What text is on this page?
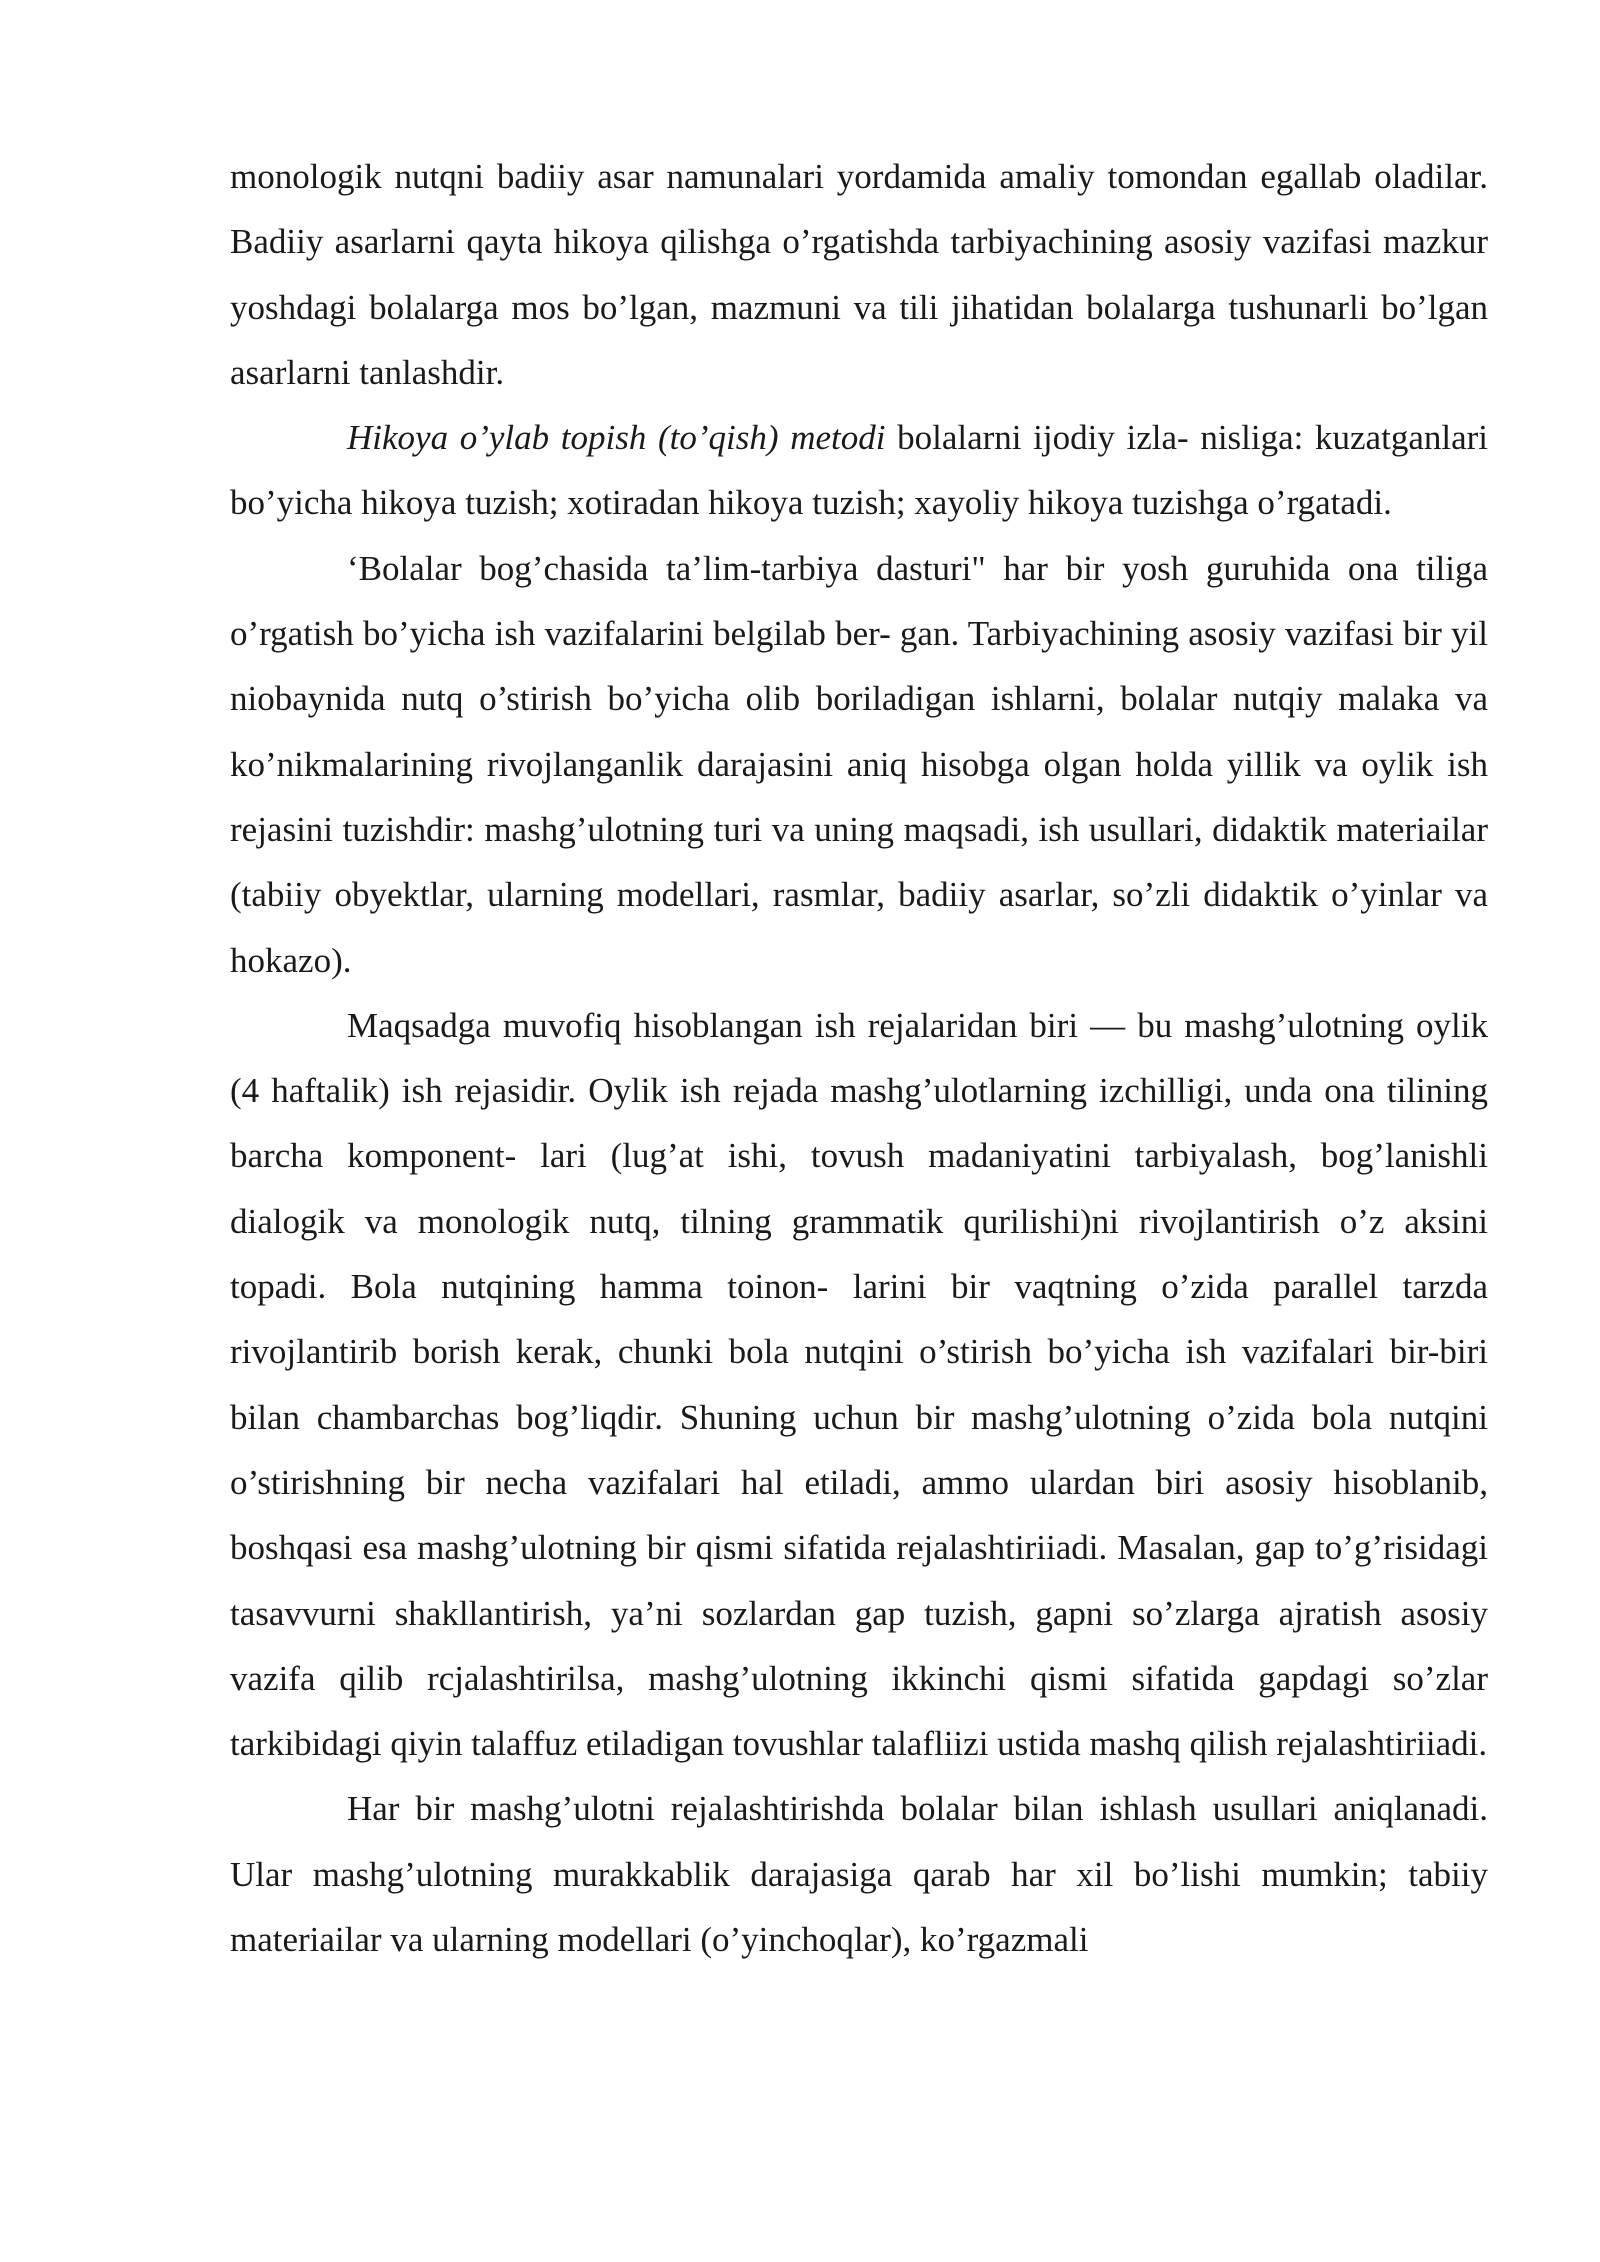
monologik nutqni badiiy asar namunalari yordamida amaliy tomondan egallab oladilar. Badiiy asarlarni qayta hikoya qilishga o’rgatishda tarbiyachining asosiy vazifasi mazkur yoshdagi bolalarga mos bo’lgan, mazmuni va tili jihatidan bolalarga tushunarli bo’lgan asarlarni tanlashdir.

Hikoya o’ylab topish (to’qish) metodi bolalarni ijodiy izla- nisliga: kuzatganlari bo’yicha hikoya tuzish; xotiradan hikoya tuzish; xayoliy hikoya tuzishga o’rgatadi.

‘Bolalar bog’chasida ta’lim-tarbiya dasturi" har bir yosh guruhida ona tiliga o’rgatish bo’yicha ish vazifalarini belgilab ber- gan. Tarbiyachining asosiy vazifasi bir yil niobaynida nutq o’stirish bo’yicha olib boriladigan ishlarni, bolalar nutqiy malaka va ko’nikmalarining rivojlanganlik darajasini aniq hisobga olgan holda yillik va oylik ish rejasini tuzishdir: mashg’ulotning turi va uning maqsadi, ish usullari, didaktik materiailar (tabiiy obyektlar, ularning modellari, rasmlar, badiiy asarlar, so’zli didaktik o’yinlar va hokazo).

Maqsadga muvofiq hisoblangan ish rejalaridan biri — bu mashg’ulotning oylik (4 haftalik) ish rejasidir. Oylik ish rejada mashg’ulotlarning izchilligi, unda ona tilining barcha komponent- lari (lug’at ishi, tovush madaniyatini tarbiyalash, bog’lanishli dialogik va monologik nutq, tilning grammatik qurilishi)ni rivojlantirish o’z aksini topadi. Bola nutqining hamma toinon- larini bir vaqtning o’zida parallel tarzda rivojlantirib borish kerak, chunki bola nutqini o’stirish bo’yicha ish vazifalari bir-biri bilan chambarchas bog’liqdir. Shuning uchun bir mashg’ulotning o’zida bola nutqini o’stirishning bir necha vazifalari hal etiladi, ammo ulardan biri asosiy hisoblanib, boshqasi esa mashg’ulotning bir qismi sifatida rejalashtiriiadi. Masalan, gap to’g’risidagi tasavvurni shakllantirish, ya’ni sozlardan gap tuzish, gapni so’zlarga ajratish asosiy vazifa qilib rcjalashtirilsa, mashg’ulotning ikkinchi qismi sifatida gapdagi so’zlar tarkibidagi qiyin talaffuz etiladigan tovushlar talafliizi ustida mashq qilish rejalashtiriiadi.

Har bir mashg’ulotni rejalashtirishda bolalar bilan ishlash usullari aniqlanadi. Ular mashg’ulotning murakkablik darajasiga qarab har xil bo’lishi mumkin; tabiiy materiailar va ularning modellari (o’yinchoqlar), ko’rgazmali
